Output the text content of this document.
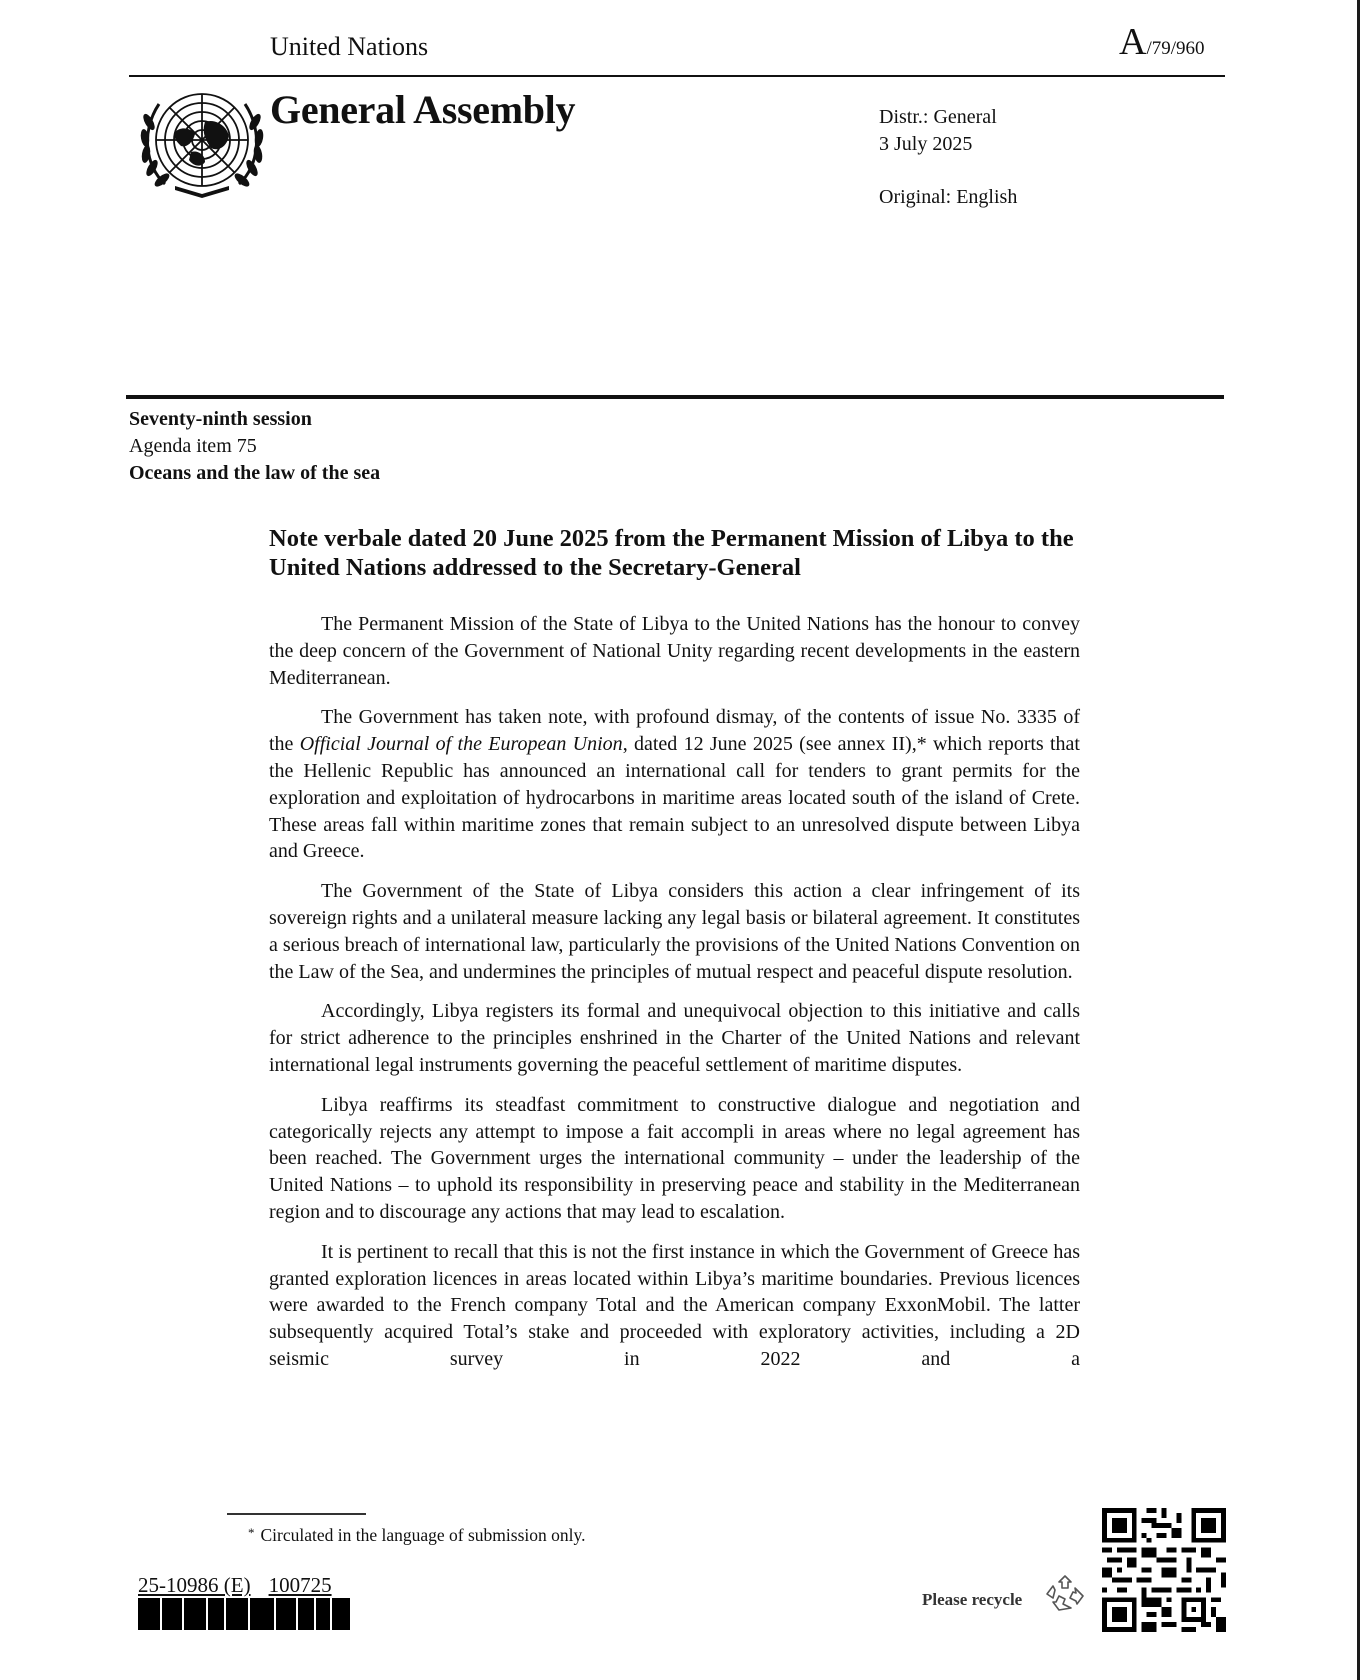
United Nations	A/79/960
General Assembly	Distr.: General
3 July 2025
Original: English
Seventy-ninth session
Agenda item 75
Oceans and the law of the sea
Note verbale dated 20 June 2025 from the Permanent Mission of Libya to the United Nations addressed to the Secretary-General

The Permanent Mission of the State of Libya to the United Nations has the honour to convey the deep concern of the Government of National Unity regarding recent developments in the eastern Mediterranean.

The Government has taken note, with profound dismay, of the contents of issue No. 3335 of the Official Journal of the European Union, dated 12 June 2025 (see annex II),* which reports that the Hellenic Republic has announced an international call for tenders to grant permits for the exploration and exploitation of hydrocarbons in maritime areas located south of the island of Crete. These areas fall within maritime zones that remain subject to an unresolved dispute between Libya and Greece.

The Government of the State of Libya considers this action a clear infringement of its sovereign rights and a unilateral measure lacking any legal basis or bilateral agreement. It constitutes a serious breach of international law, particularly the provisions of the United Nations Convention on the Law of the Sea, and undermines the principles of mutual respect and peaceful dispute resolution.

Accordingly, Libya registers its formal and unequivocal objection to this initiative and calls for strict adherence to the principles enshrined in the Charter of the United Nations and relevant international legal instruments governing the peaceful settlement of maritime disputes.

Libya reaffirms its steadfast commitment to constructive dialogue and negotiation and categorically rejects any attempt to impose a fait accompli in areas where no legal agreement has been reached. The Government urges the international community – under the leadership of the United Nations – to uphold its responsibility in preserving peace and stability in the Mediterranean region and to discourage any actions that may lead to escalation.

It is pertinent to recall that this is not the first instance in which the Government of Greece has granted exploration licences in areas located within Libya’s maritime boundaries. Previous licences were awarded to the French company Total and the American company ExxonMobil. The latter subsequently acquired Total’s stake and proceeded with exploratory activities, including a 2D seismic survey in 2022 and a

* Circulated in the language of submission only.
25-10986 (E) 100725
Please recycle
